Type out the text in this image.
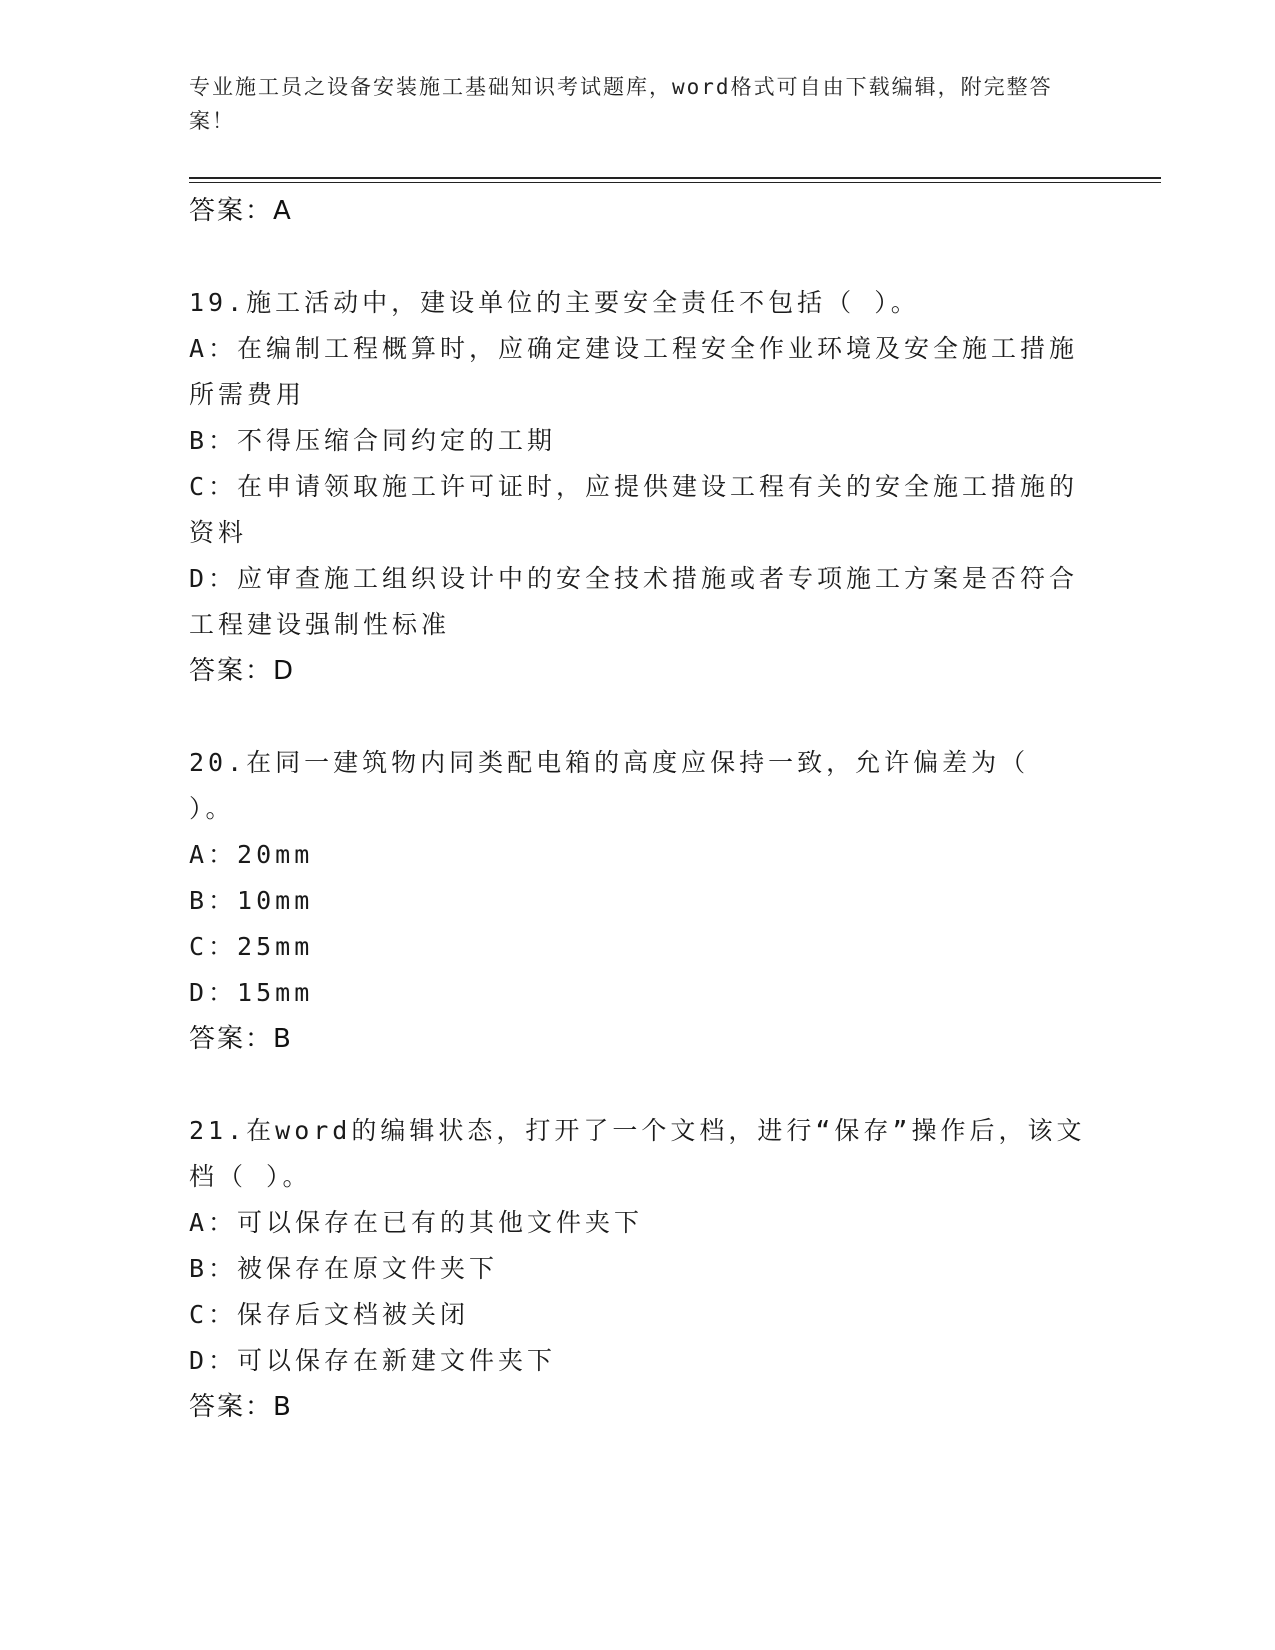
专业施工员之设备安装施工基础知识考试题库，word格式可自由下载编辑，附完整答案！
答案：A
19.施工活动中，建设单位的主要安全责任不包括（ ）。
A：在编制工程概算时，应确定建设工程安全作业环境及安全施工措施所需费用
B：不得压缩合同约定的工期
C：在申请领取施工许可证时，应提供建设工程有关的安全施工措施的资料
D：应审查施工组织设计中的安全技术措施或者专项施工方案是否符合工程建设强制性标准
答案：D
20.在同一建筑物内同类配电箱的高度应保持一致，允许偏差为（ ）。
A：20mm
B：10mm
C：25mm
D：15mm
答案：B
21.在word的编辑状态，打开了一个文档，进行“保存”操作后，该文档（ ）。
A：可以保存在已有的其他文件夹下
B：被保存在原文件夹下
C：保存后文档被关闭
D：可以保存在新建文件夹下
答案：B
